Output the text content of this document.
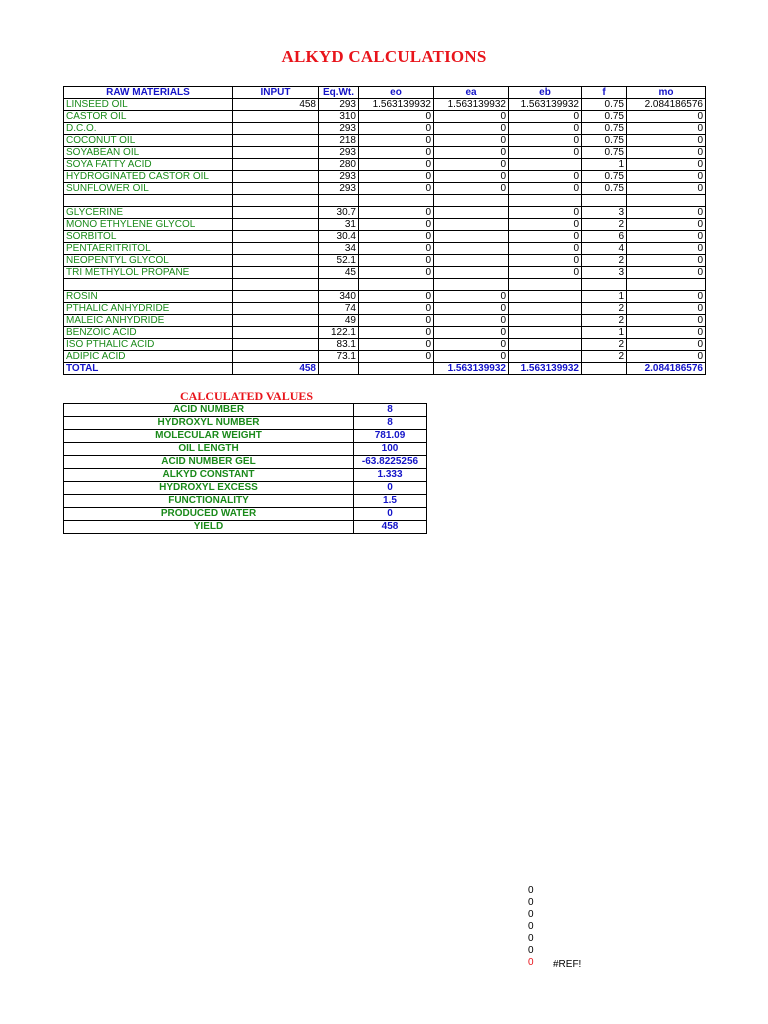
ALKYD CALCULATIONS
RAW MATERIALS	INPUT	Eq.Wt.	eo	ea	eb	f	mo
LINSEED OIL	458	293	1.563139932	1.563139932	1.563139932	0.75	2.084186576
CASTOR OIL		310	0	0	0	0.75	0
D.C.O.		293	0	0	0	0.75	0
COCONUT OIL		218	0	0	0	0.75	0
SOYABEAN OIL		293	0	0	0	0.75	0
SOYA FATTY ACID		280	0	0		1	0
HYDROGINATED CASTOR OIL		293	0	0	0	0.75	0
SUNFLOWER OIL		293	0	0	0	0.75	0

GLYCERINE		30.7	0		0	3	0
MONO ETHYLENE GLYCOL		31	0		0	2	0
SORBITOL		30.4	0		0	6	0
PENTAERITRITOL		34	0		0	4	0
NEOPENTYL GLYCOL		52.1	0		0	2	0
TRI METHYLOL PROPANE		45	0		0	3	0

ROSIN		340	0	0		1	0
PTHALIC ANHYDRIDE		74	0	0		2	0
MALEIC ANHYDRIDE		49	0	0		2	0
BENZOIC ACID		122.1	0	0		1	0
ISO PTHALIC ACID		83.1	0	0		2	0
ADIPIC ACID		73.1	0	0		2	0
TOTAL	458			1.563139932	1.563139932		2.084186576
CALCULATED VALUES
ACID NUMBER	8
HYDROXYL NUMBER	8
MOLECULAR WEIGHT	781.09
OIL LENGTH	100
ACID NUMBER GEL	-63.8225256
ALKYD CONSTANT	1.333
HYDROXYL EXCESS	0
FUNCTIONALITY	1.5
PRODUCED WATER	0
YIELD	458
0
0
0
0
0
0
0 #REF!
